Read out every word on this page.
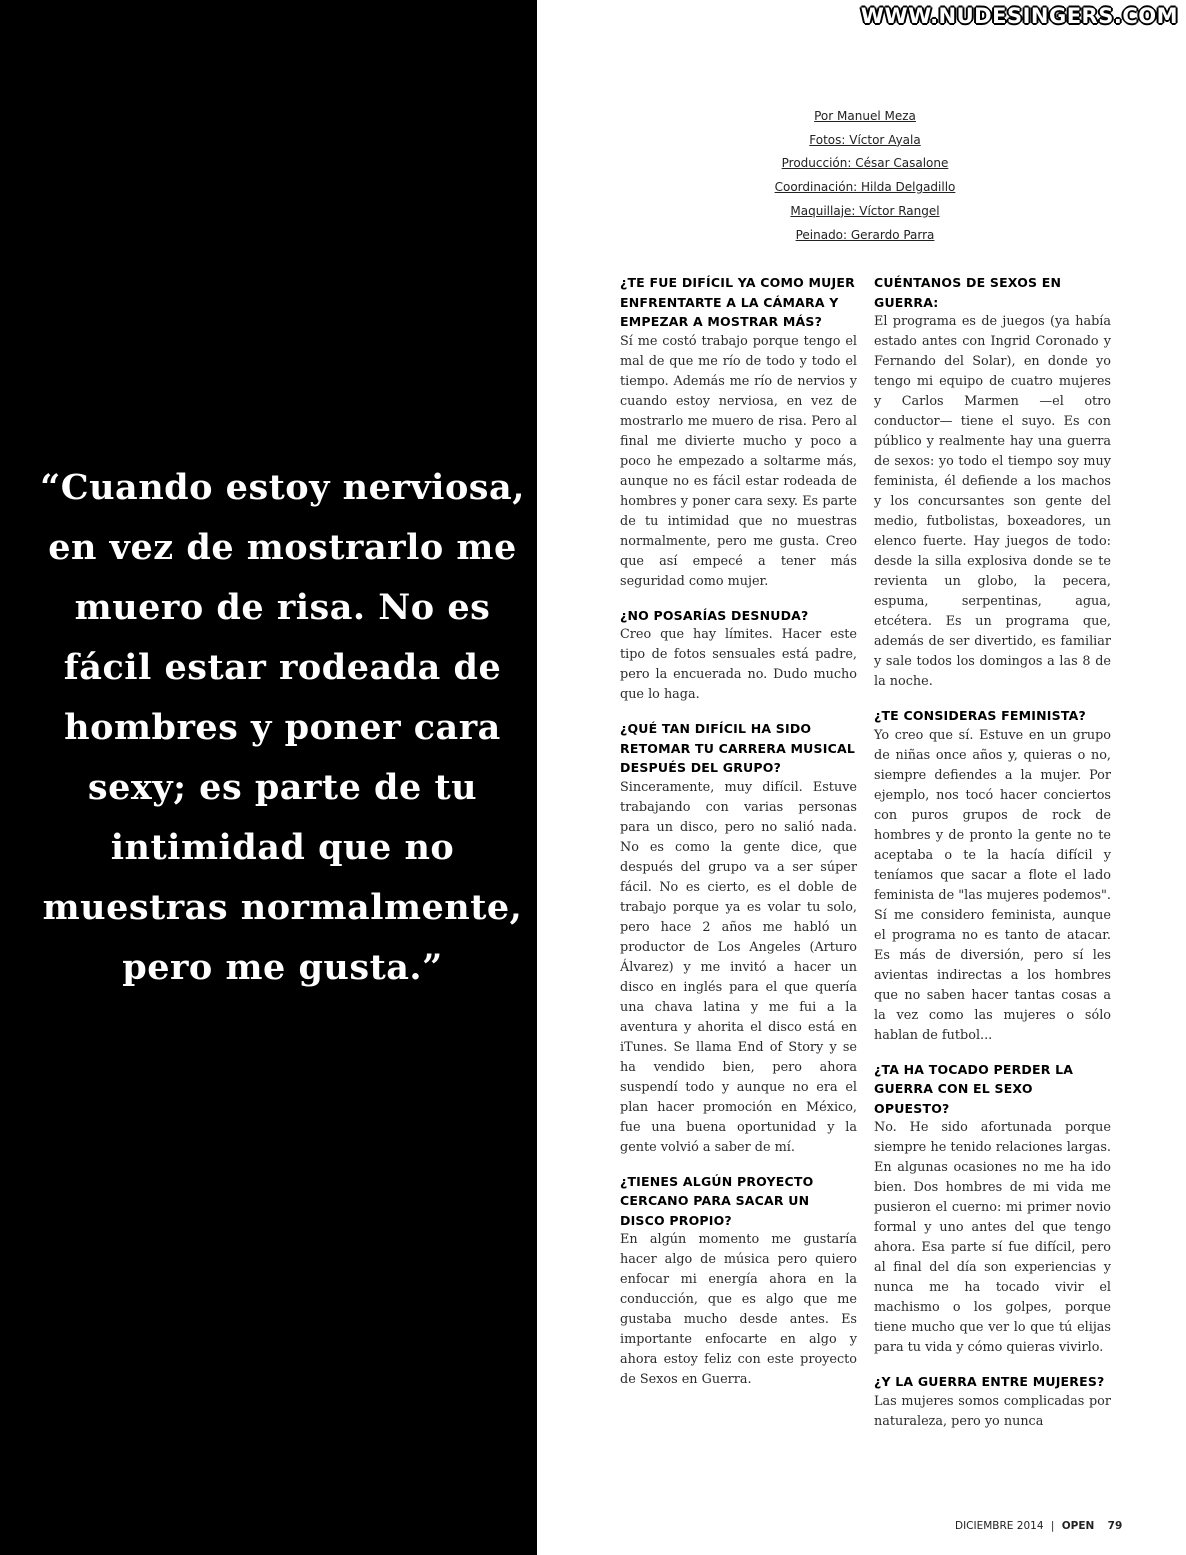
“Cuando estoy nerviosa, en vez de mostrarlo me muero de risa. No es fácil estar rodeada de hombres y poner cara sexy; es parte de tu intimidad que no muestras normalmente, pero me gusta.”

WWW.NUDESINGERS.COM
Por Manuel Meza
Fotos: Víctor Ayala
Producción: César Casalone
Coordinación: Hilda Delgadillo
Maquillaje: Víctor Rangel
Peinado: Gerardo Parra

¿TE FUE DIFÍCIL YA COMO MUJER ENFRENTARTE A LA CÁMARA Y EMPEZAR A MOSTRAR MÁS?

Sí me costó trabajo porque tengo el mal de que me río de todo y todo el tiempo. Además me río de nervios y cuando estoy nerviosa, en vez de mostrarlo me muero de risa. Pero al final me divierte mucho y poco a poco he empezado a soltarme más, aunque no es fácil estar rodeada de hombres y poner cara sexy. Es parte de tu intimidad que no muestras normalmente, pero me gusta. Creo que así empecé a tener más seguridad como mujer.

¿NO POSARÍAS DESNUDA?

Creo que hay límites. Hacer este tipo de fotos sensuales está padre, pero la encuerada no. Dudo mucho que lo haga.

¿QUÉ TAN DIFÍCIL HA SIDO RETOMAR TU CARRERA MUSICAL DESPUÉS DEL GRUPO?

Sinceramente, muy difícil. Estuve trabajando con varias personas para un disco, pero no salió nada. No es como la gente dice, que después del grupo va a ser súper fácil. No es cierto, es el doble de trabajo porque ya es volar tu solo, pero hace 2 años me habló un productor de Los Angeles (Arturo Álvarez) y me invitó a hacer un disco en inglés para el que quería una chava latina y me fui a la aventura y ahorita el disco está en iTunes. Se llama End of Story y se ha vendido bien, pero ahora suspendí todo y aunque no era el plan hacer promoción en México, fue una buena oportunidad y la gente volvió a saber de mí.

¿TIENES ALGÚN PROYECTO CERCANO PARA SACAR UN DISCO PROPIO?

En algún momento me gustaría hacer algo de música pero quiero enfocar mi energía ahora en la conducción, que es algo que me gustaba mucho desde antes. Es importante enfocarte en algo y ahora estoy feliz con este proyecto de Sexos en Guerra.

CUÉNTANOS DE SEXOS EN GUERRA:

El programa es de juegos (ya había estado antes con Ingrid Coronado y Fernando del Solar), en donde yo tengo mi equipo de cuatro mujeres y Carlos Marmen —el otro conductor— tiene el suyo. Es con público y realmente hay una guerra de sexos: yo todo el tiempo soy muy feminista, él defiende a los machos y los concursantes son gente del medio, futbolistas, boxeadores, un elenco fuerte. Hay juegos de todo: desde la silla explosiva donde se te revienta un globo, la pecera, espuma, serpentinas, agua, etcétera. Es un programa que, además de ser divertido, es familiar y sale todos los domingos a las 8 de la noche.

¿TE CONSIDERAS FEMINISTA?

Yo creo que sí. Estuve en un grupo de niñas once años y, quieras o no, siempre defiendes a la mujer. Por ejemplo, nos tocó hacer conciertos con puros grupos de rock de hombres y de pronto la gente no te aceptaba o te la hacía difícil y teníamos que sacar a flote el lado feminista de "las mujeres podemos". Sí me considero feminista, aunque el programa no es tanto de atacar. Es más de diversión, pero sí les avientas indirectas a los hombres que no saben hacer tantas cosas a la vez como las mujeres o sólo hablan de futbol...

¿TA HA TOCADO PERDER LA GUERRA CON EL SEXO OPUESTO?

No. He sido afortunada porque siempre he tenido relaciones largas. En algunas ocasiones no me ha ido bien. Dos hombres de mi vida me pusieron el cuerno: mi primer novio formal y uno antes del que tengo ahora. Esa parte sí fue difícil, pero al final del día son experiencias y nunca me ha tocado vivir el machismo o los golpes, porque tiene mucho que ver lo que tú elijas para tu vida y cómo quieras vivirlo.

¿Y LA GUERRA ENTRE MUJERES?

Las mujeres somos complicadas por naturaleza, pero yo nunca

DICIEMBRE 2014 | OPEN 79
